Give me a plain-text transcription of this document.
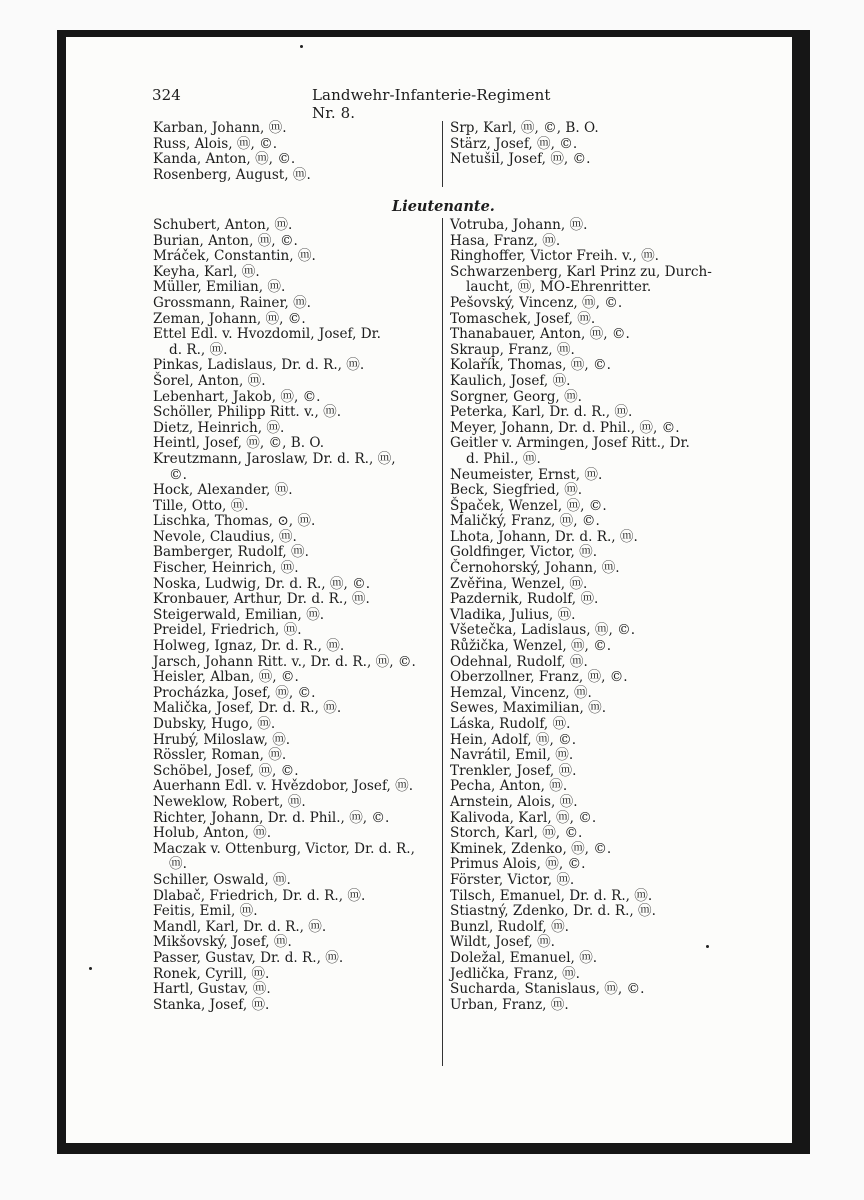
324	Landwehr-Infanterie-Regiment Nr. 8.
Karban, Johann, ⓜ.
Russ, Alois, ⓜ, ©.
Kanda, Anton, ⓜ, ©.
Rosenberg, August, ⓜ.
Srp, Karl, ⓜ, ©, B. O.
Stärz, Josef, ⓜ, ©.
Netušil, Josef, ⓜ, ©.
Lieutenante.
Schubert, Anton, ⓜ.
Burian, Anton, ⓜ, ©.
Mráček, Constantin, ⓜ.
Keyha, Karl, ⓜ.
Müller, Emilian, ⓜ.
Grossmann, Rainer, ⓜ.
Zeman, Johann, ⓜ, ©.
Ettel Edl. v. Hvozdomil, Josef, Dr.
d. R., ⓜ.
Pinkas, Ladislaus, Dr. d. R., ⓜ.
Šorel, Anton, ⓜ.
Lebenhart, Jakob, ⓜ, ©.
Schöller, Philipp Ritt. v., ⓜ.
Dietz, Heinrich, ⓜ.
Heintl, Josef, ⓜ, ©, B. O.
Kreutzmann, Jaroslaw, Dr. d. R., ⓜ,
©.
Hock, Alexander, ⓜ.
Tille, Otto, ⓜ.
Lischka, Thomas, ⊙, ⓜ.
Nevole, Claudius, ⓜ.
Bamberger, Rudolf, ⓜ.
Fischer, Heinrich, ⓜ.
Noska, Ludwig, Dr. d. R., ⓜ, ©.
Kronbauer, Arthur, Dr. d. R., ⓜ.
Steigerwald, Emilian, ⓜ.
Preidel, Friedrich, ⓜ.
Holweg, Ignaz, Dr. d. R., ⓜ.
Jarsch, Johann Ritt. v., Dr. d. R., ⓜ, ©.
Heisler, Alban, ⓜ, ©.
Procházka, Josef, ⓜ, ©.
Malička, Josef, Dr. d. R., ⓜ.
Dubsky, Hugo, ⓜ.
Hrubý, Miloslaw, ⓜ.
Rössler, Roman, ⓜ.
Schöbel, Josef, ⓜ, ©.
Auerhann Edl. v. Hvězdobor, Josef, ⓜ.
Neweklow, Robert, ⓜ.
Richter, Johann, Dr. d. Phil., ⓜ, ©.
Holub, Anton, ⓜ.
Maczak v. Ottenburg, Victor, Dr. d. R.,
ⓜ.
Schiller, Oswald, ⓜ.
Dlabač, Friedrich, Dr. d. R., ⓜ.
Feitis, Emil, ⓜ.
Mandl, Karl, Dr. d. R., ⓜ.
Mikšovský, Josef, ⓜ.
Passer, Gustav, Dr. d. R., ⓜ.
Ronek, Cyrill, ⓜ.
Hartl, Gustav, ⓜ.
Stanka, Josef, ⓜ.
Votruba, Johann, ⓜ.
Hasa, Franz, ⓜ.
Ringhoffer, Victor Freih. v., ⓜ.
Schwarzenberg, Karl Prinz zu, Durch-
laucht, ⓜ, MO-Ehrenritter.
Pešovský, Vincenz, ⓜ, ©.
Tomaschek, Josef, ⓜ.
Thanabauer, Anton, ⓜ, ©.
Skraup, Franz, ⓜ.
Kolařík, Thomas, ⓜ, ©.
Kaulich, Josef, ⓜ.
Sorgner, Georg, ⓜ.
Peterka, Karl, Dr. d. R., ⓜ.
Meyer, Johann, Dr. d. Phil., ⓜ, ©.
Geitler v. Armingen, Josef Ritt., Dr.
d. Phil., ⓜ.
Neumeister, Ernst, ⓜ.
Beck, Siegfried, ⓜ.
Špaček, Wenzel, ⓜ, ©.
Maličký, Franz, ⓜ, ©.
Lhota, Johann, Dr. d. R., ⓜ.
Goldfinger, Victor, ⓜ.
Černohorský, Johann, ⓜ.
Zvěřina, Wenzel, ⓜ.
Pazdernik, Rudolf, ⓜ.
Vladika, Julius, ⓜ.
Všetečka, Ladislaus, ⓜ, ©.
Růžička, Wenzel, ⓜ, ©.
Odehnal, Rudolf, ⓜ.
Oberzollner, Franz, ⓜ, ©.
Hemzal, Vincenz, ⓜ.
Sewes, Maximilian, ⓜ.
Láska, Rudolf, ⓜ.
Hein, Adolf, ⓜ, ©.
Navrátil, Emil, ⓜ.
Trenkler, Josef, ⓜ.
Pecha, Anton, ⓜ.
Arnstein, Alois, ⓜ.
Kalivoda, Karl, ⓜ, ©.
Storch, Karl, ⓜ, ©.
Kminek, Zdenko, ⓜ, ©.
Primus Alois, ⓜ, ©.
Förster, Victor, ⓜ.
Tilsch, Emanuel, Dr. d. R., ⓜ.
Stiastný, Zdenko, Dr. d. R., ⓜ.
Bunzl, Rudolf, ⓜ.
Wildt, Josef, ⓜ.
Doležal, Emanuel, ⓜ.
Jedlička, Franz, ⓜ.
Sucharda, Stanislaus, ⓜ, ©.
Urban, Franz, ⓜ.
